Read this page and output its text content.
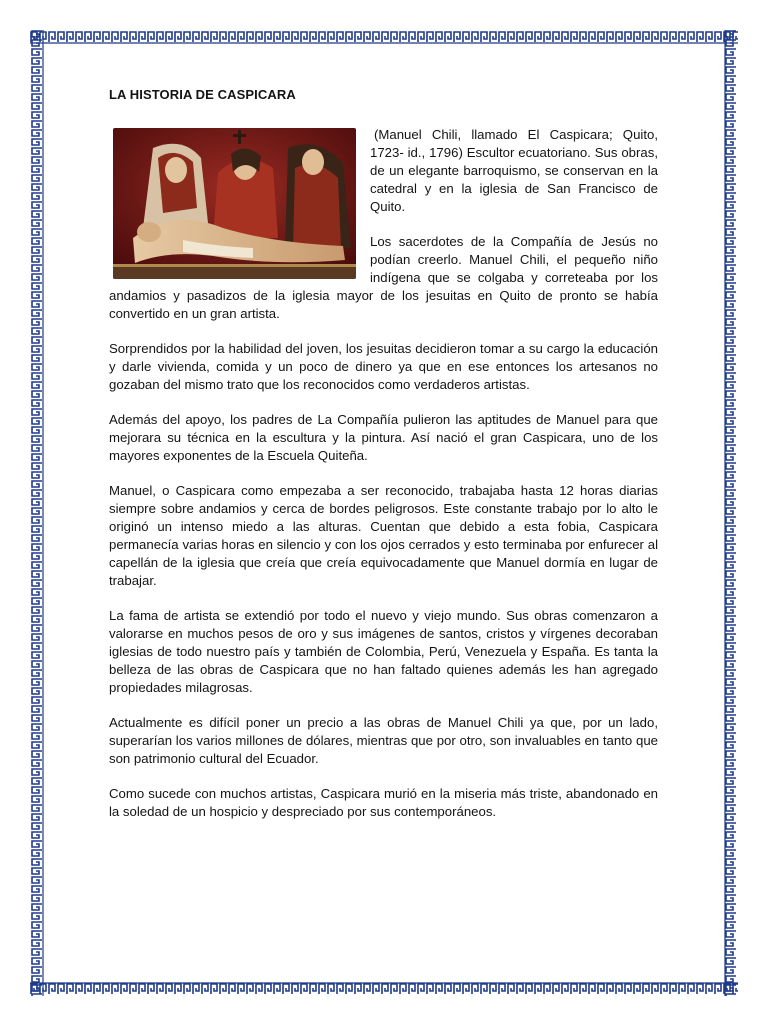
LA HISTORIA DE CASPICARA

(Manuel Chili, llamado El Caspicara; Quito, 1723- id., 1796) Escultor ecuatoriano. Sus obras, de un elegante barroquismo, se conservan en la catedral y en la iglesia de San Francisco de Quito.

Los sacerdotes de la Compañía de Jesús no podían creerlo. Manuel Chili, el pequeño niño indígena que se colgaba y correteaba por los andamios y pasadizos de la iglesia mayor de los jesuitas en Quito de pronto se había convertido en un gran artista.

Sorprendidos por la habilidad del joven, los jesuitas decidieron tomar a su cargo la educación y darle vivienda, comida y un poco de dinero ya que en ese entonces los artesanos no gozaban del mismo trato que los reconocidos como verdaderos artistas.

Además del apoyo, los padres de La Compañía pulieron las aptitudes de Manuel para que mejorara su técnica en la escultura y la pintura. Así nació el gran Caspicara, uno de los mayores exponentes de la Escuela Quiteña.

Manuel, o Caspicara como empezaba a ser reconocido, trabajaba hasta 12 horas diarias siempre sobre andamios y cerca de bordes peligrosos. Este constante trabajo por lo alto le originó un intenso miedo a las alturas. Cuentan que debido a esta fobia, Caspicara permanecía varias horas en silencio y con los ojos cerrados y esto terminaba por enfurecer al capellán de la iglesia que creía que creía equivocadamente que Manuel dormía en lugar de trabajar.

La fama de artista se extendió por todo el nuevo y viejo mundo. Sus obras comenzaron a valorarse en muchos pesos de oro y sus imágenes de santos, cristos y vírgenes decoraban iglesias de todo nuestro país y también de Colombia, Perú, Venezuela y España. Es tanta la belleza de las obras de Caspicara que no han faltado quienes además les han agregado propiedades milagrosas.

Actualmente es difícil poner un precio a las obras de Manuel Chili ya que, por un lado, superarían los varios millones de dólares, mientras que por otro, son invaluables en tanto que son patrimonio cultural del Ecuador.

Como sucede con muchos artistas, Caspicara murió en la miseria más triste, abandonado en la soledad de un hospicio y despreciado por sus contemporáneos.
